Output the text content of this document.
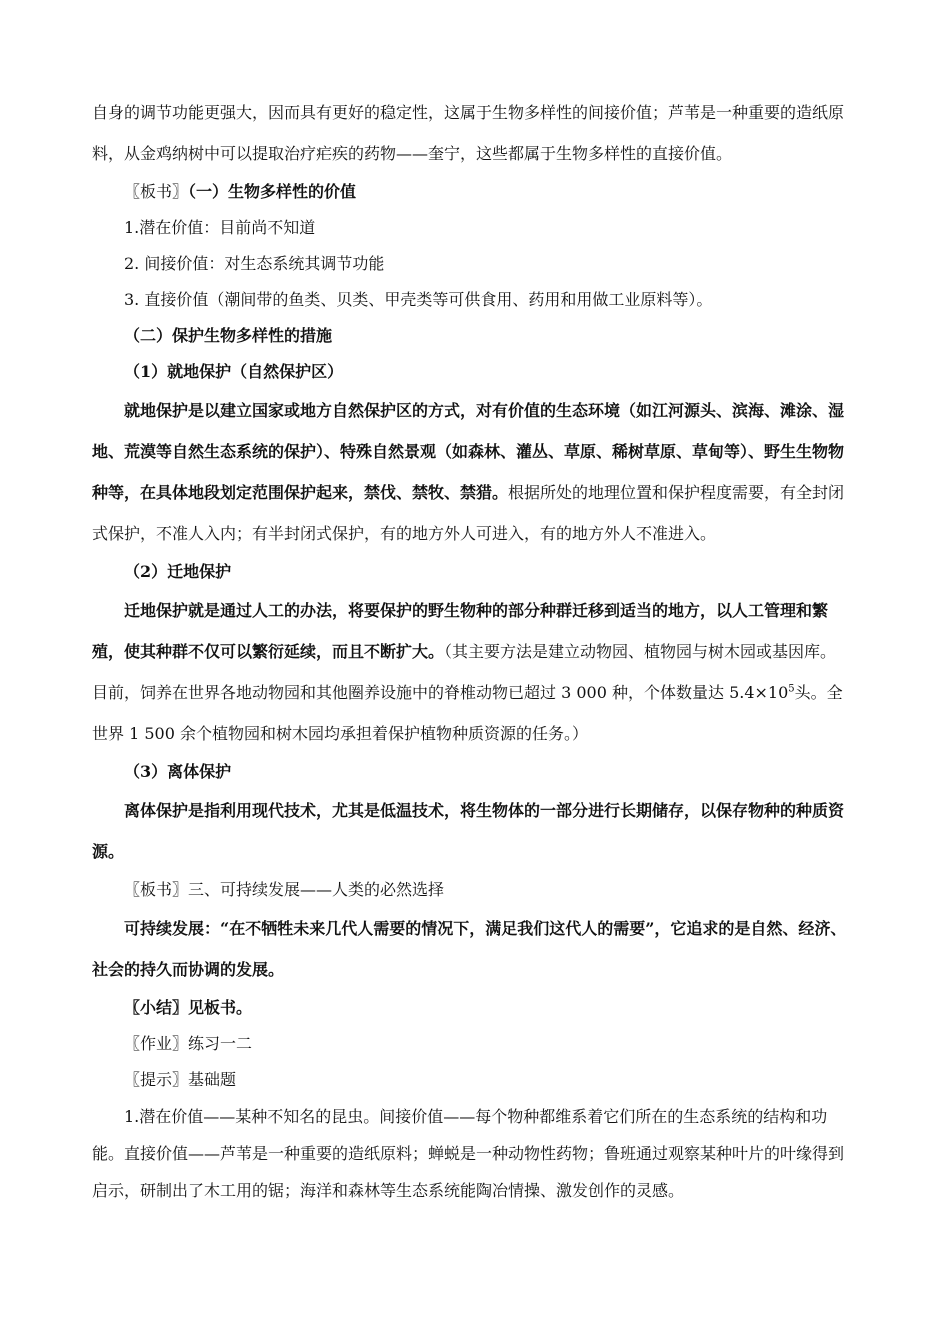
自身的调节功能更强大，因而具有更好的稳定性，这属于生物多样性的间接价值；芦苇是一种重要的造纸原料，从金鸡纳树中可以提取治疗疟疾的药物——奎宁，这些都属于生物多样性的直接价值。

〖板书〗（一）生物多样性的价值

1.潜在价值：目前尚不知道

2. 间接价值：对生态系统其调节功能

3. 直接价值（潮间带的鱼类、贝类、甲壳类等可供食用、药用和用做工业原料等）。

（二）保护生物多样性的措施

（1）就地保护（自然保护区）

就地保护是以建立国家或地方自然保护区的方式，对有价值的生态环境（如江河源头、滨海、滩涂、湿地、荒漠等自然生态系统的保护）、特殊自然景观（如森林、灌丛、草原、稀树草原、草甸等）、野生生物物种等，在具体地段划定范围保护起来，禁伐、禁牧、禁猎。根据所处的地理位置和保护程度需要，有全封闭式保护，不准人入内；有半封闭式保护，有的地方外人可进入，有的地方外人不准进入。

（2）迁地保护

迁地保护就是通过人工的办法，将要保护的野生物种的部分种群迁移到适当的地方，以人工管理和繁殖，使其种群不仅可以繁衍延续，而且不断扩大。（其主要方法是建立动物园、植物园与树木园或基因库。目前，饲养在世界各地动物园和其他圈养设施中的脊椎动物已超过 3 000 种，个体数量达 $5.4\times 10^5$头。全世界 1 500 余个植物园和树木园均承担着保护植物种质资源的任务。）

（3）离体保护

离体保护是指利用现代技术，尤其是低温技术，将生物体的一部分进行长期储存，以保存物种的种质资源。

〖板书〗三、可持续发展——人类的必然选择

可持续发展：“在不牺牲未来几代人需要的情况下，满足我们这代人的需要”，它追求的是自然、经济、社会的持久而协调的发展。

〖小结〗见板书。

〖作业〗练习一二

〖提示〗基础题

1.潜在价值——某种不知名的昆虫。间接价值——每个物种都维系着它们所在的生态系统的结构和功能。直接价值——芦苇是一种重要的造纸原料；蝉蜕是一种动物性药物；鲁班通过观察某种叶片的叶缘得到启示，研制出了木工用的锯；海洋和森林等生态系统能陶冶情操、激发创作的灵感。
